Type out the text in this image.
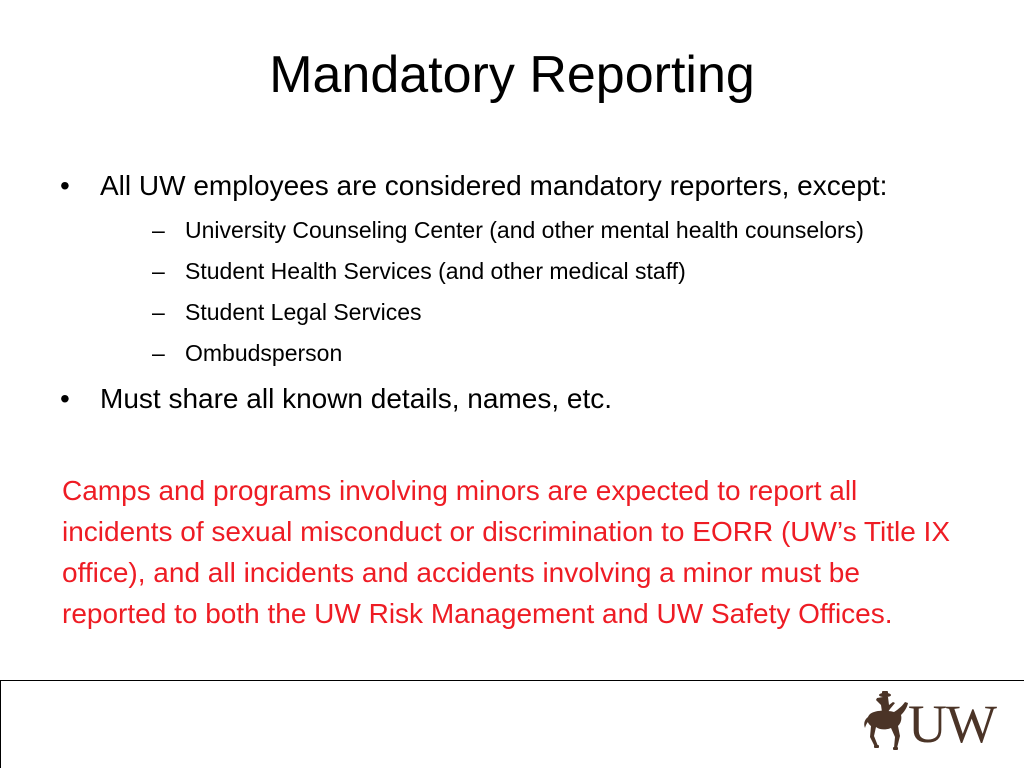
Mandatory Reporting
• All UW employees are considered mandatory reporters, except:
– University Counseling Center (and other mental health counselors)
– Student Health Services (and other medical staff)
– Student Legal Services
– Ombudsperson
• Must share all known details, names, etc.

Camps and programs involving minors are expected to report all incidents of sexual misconduct or discrimination to EORR (UW’s Title IX office), and all incidents and accidents involving a minor must be reported to both the UW Risk Management and UW Safety Offices.

UW
